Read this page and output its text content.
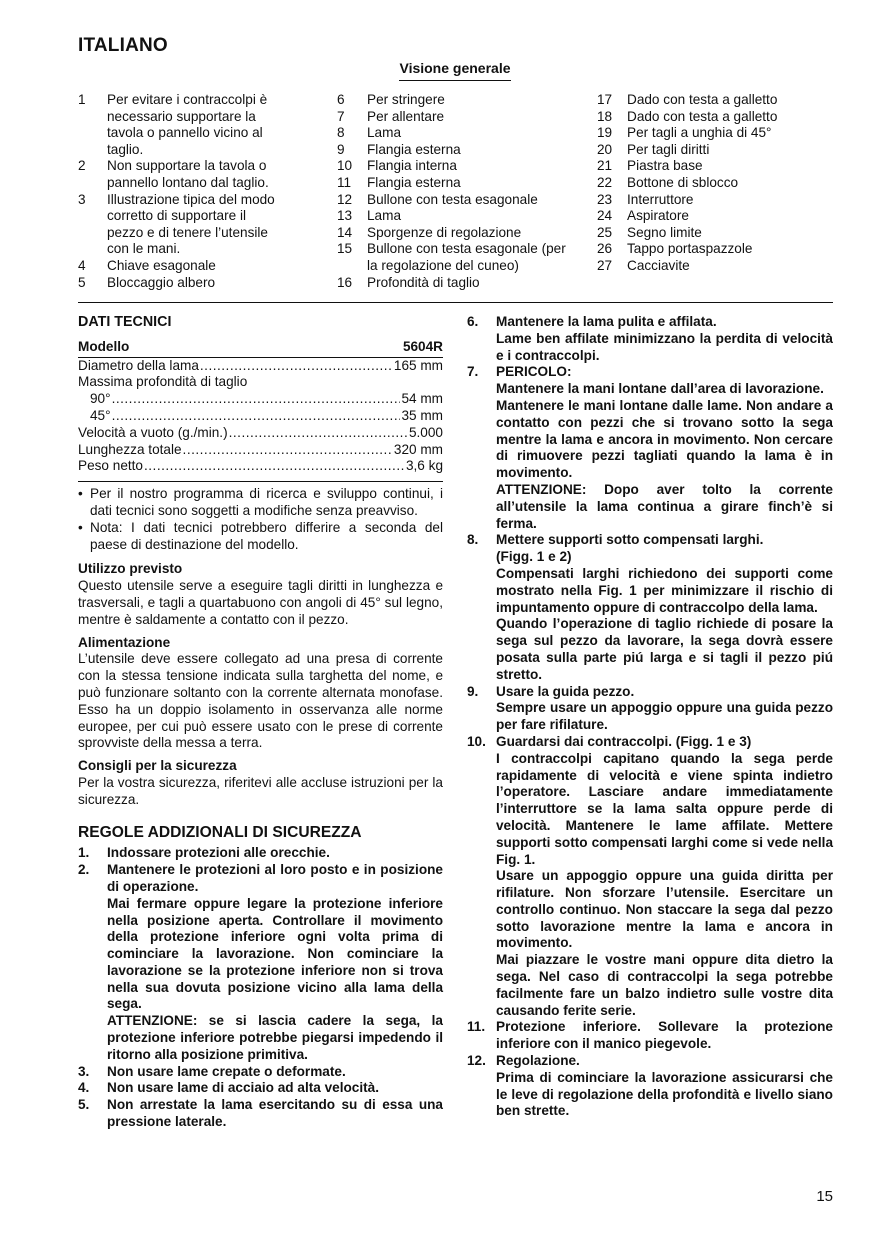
ITALIANO
Visione generale
1	Per evitare i contraccolpi è necessario supportare la tavola o pannello vicino al taglio.
2	Non supportare la tavola o pannello lontano dal taglio.
3	Illustrazione tipica del modo corretto di supportare il pezzo e di tenere l’utensile con le mani.
4	Chiave esagonale
5	Bloccaggio albero
6	Per stringere
7	Per allentare
8	Lama
9	Flangia esterna
10	Flangia interna
11	Flangia esterna
12	Bullone con testa esagonale
13	Lama
14	Sporgenze di regolazione
15	Bullone con testa esagonale (per la regolazione del cuneo)
16	Profondità di taglio
17	Dado con testa a galletto
18	Dado con testa a galletto
19	Per tagli a unghia di 45°
20	Per tagli diritti
21	Piastra base
22	Bottone di sblocco
23	Interruttore
24	Aspiratore
25	Segno limite
26	Tappo portaspazzole
27	Cacciavite
DATI TECNICI
Modello	5604R
Diametro della lama .....	165 mm
Massima profondità di taglio
90° .....	54 mm
45° .....	35 mm
Velocità a vuoto (g./min.) .....	5.000
Lunghezza totale .....	320 mm
Peso netto .....	3,6 kg
• Per il nostro programma di ricerca e sviluppo continui, i dati tecnici sono soggetti a modifiche senza preavviso.
• Nota: I dati tecnici potrebbero differire a seconda del paese di destinazione del modello.
Utilizzo previsto
Questo utensile serve a eseguire tagli diritti in lunghezza e trasversali, e tagli a quartabuono con angoli di 45° sul legno, mentre è saldamente a contatto con il pezzo.
Alimentazione
L’utensile deve essere collegato ad una presa di corrente con la stessa tensione indicata sulla targhetta del nome, e può funzionare soltanto con la corrente alternata monofase. Esso ha un doppio isolamento in osservanza alle norme europee, per cui può essere usato con le prese di corrente sprovviste della messa a terra.
Consigli per la sicurezza
Per la vostra sicurezza, riferitevi alle accluse istruzioni per la sicurezza.
REGOLE ADDIZIONALI DI SICUREZZA
1.	Indossare protezioni alle orecchie.

2.	Mantenere le protezioni al loro posto e in posizione di operazione.

Mai fermare oppure legare la protezione inferiore nella posizione aperta. Controllare il movimento della protezione inferiore ogni volta prima di cominciare la lavorazione. Non cominciare la lavorazione se la protezione inferiore non si trova nella sua dovuta posizione vicino alla lama della sega.

ATTENZIONE: se si lascia cadere la sega, la protezione inferiore potrebbe piegarsi impedendo il ritorno alla posizione primitiva.

3.	Non usare lame crepate o deformate.

4.	Non usare lame di acciaio ad alta velocità.

5.	Non arrestate la lama esercitando su di essa una pressione laterale.

6.	Mantenere la lama pulita e affilata.

Lame ben affilate minimizzano la perdita di velocità e i contraccolpi.

7.	PERICOLO:

Mantenere la mani lontane dall’area di lavorazione.

Mantenere le mani lontane dalle lame. Non andare a contatto con pezzi che si trovano sotto la sega mentre la lama e ancora in movimento. Non cercare di rimuovere pezzi tagliati quando la lama è in movimento.

ATTENZIONE: Dopo aver tolto la corrente all’utensile la lama continua a girare finch’è si ferma.

8.	Mettere supporti sotto compensati larghi.

(Figg. 1 e 2)

Compensati larghi richiedono dei supporti come mostrato nella Fig. 1 per minimizzare il rischio di impuntamento oppure di contraccolpo della lama.

Quando l’operazione di taglio richiede di posare la sega sul pezzo da lavorare, la sega dovrà essere posata sulla parte piú larga e si tagli il pezzo piú stretto.

9.	Usare la guida pezzo.

Sempre usare un appoggio oppure una guida pezzo per fare rifilature.

10. Guardarsi dai contraccolpi. (Figg. 1 e 3)

I contraccolpi capitano quando la sega perde rapidamente di velocità e viene spinta indietro l’operatore. Lasciare andare immediatamente l’interruttore se la lama salta oppure perde di velocità. Mantenere le lame affilate. Mettere supporti sotto compensati larghi come si vede nella Fig. 1.

Usare un appoggio oppure una guida diritta per rifilature. Non sforzare l’utensile. Esercitare un controllo continuo. Non staccare la sega dal pezzo sotto lavorazione mentre la lama e ancora in movimento.

Mai piazzare le vostre mani oppure dita dietro la sega. Nel caso di contraccolpi la sega potrebbe facilmente fare un balzo indietro sulle vostre dita causando ferite serie.

11. Protezione inferiore. Sollevare la protezione inferiore con il manico piegevole.

12. Regolazione.

Prima di cominciare la lavorazione assicurarsi che le leve di regolazione della profondità e livello siano ben strette.

15
